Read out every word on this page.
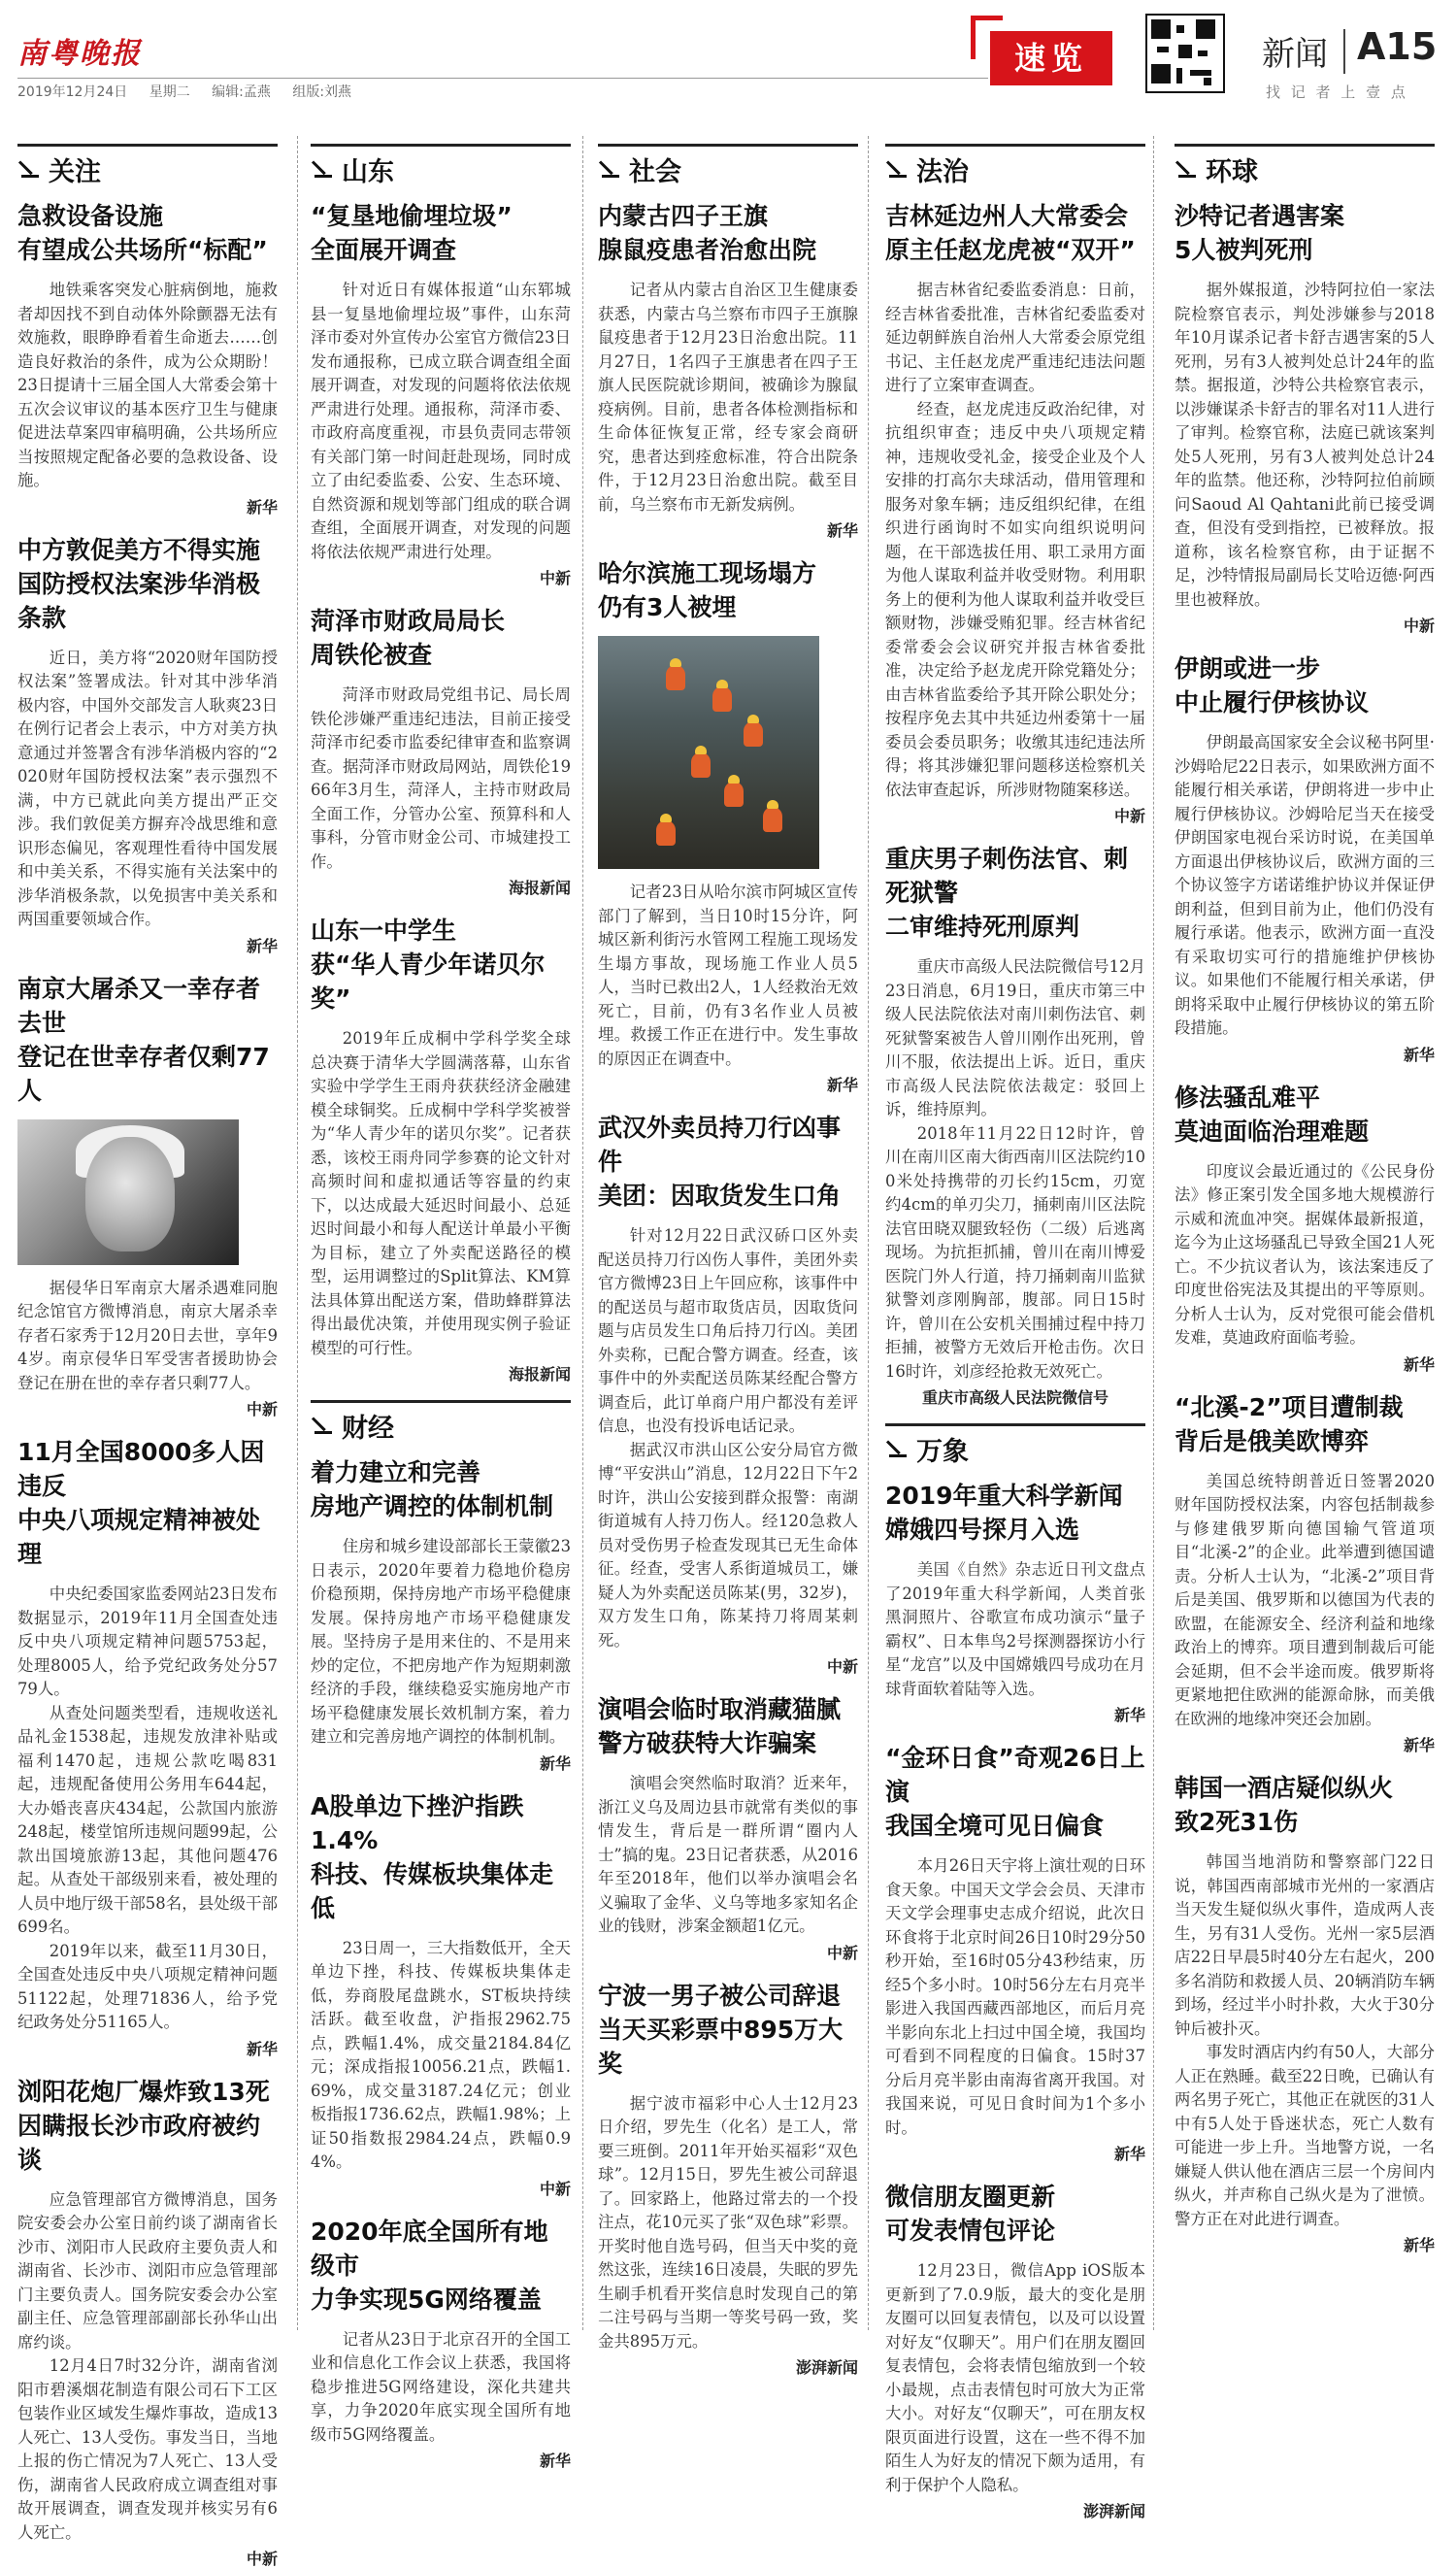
南粤晚报
2019年12月24日 星期二 编辑:孟燕 组版:刘燕
速览	新闻 A15
找 记 者 上 壹 点
关注
急救设备设施
有望成公共场所“标配”

地铁乘客突发心脏病倒地，施救者却因找不到自动体外除颤器无法有效施救，眼睁睁看着生命逝去……创造良好救治的条件，成为公众期盼！23日提请十三届全国人大常委会第十五次会议审议的基本医疗卫生与健康促进法草案四审稿明确，公共场所应当按照规定配备必要的急救设备、设施。

新华
中方敦促美方不得实施
国防授权法案涉华消极条款

近日，美方将“2020财年国防授权法案”签署成法。针对其中涉华消极内容，中国外交部发言人耿爽23日在例行记者会上表示，中方对美方执意通过并签署含有涉华消极内容的“2020财年国防授权法案”表示强烈不满，中方已就此向美方提出严正交涉。我们敦促美方摒弃冷战思维和意识形态偏见，客观理性看待中国发展和中美关系，不得实施有关法案中的涉华消极条款，以免损害中美关系和两国重要领域合作。

新华
南京大屠杀又一幸存者去世
登记在世幸存者仅剩77人

据侵华日军南京大屠杀遇难同胞纪念馆官方微博消息，南京大屠杀幸存者石家秀于12月20日去世，享年94岁。南京侵华日军受害者援助协会登记在册在世的幸存者只剩77人。

中新
11月全国8000多人因违反
中央八项规定精神被处理

中央纪委国家监委网站23日发布数据显示，2019年11月全国查处违反中央八项规定精神问题5753起，处理8005人，给予党纪政务处分5779人。

从查处问题类型看，违规收送礼品礼金1538起，违规发放津补贴或福利1470起，违规公款吃喝831起，违规配备使用公务用车644起，大办婚丧喜庆434起，公款国内旅游248起，楼堂馆所违规问题99起，公款出国境旅游13起，其他问题476起。从查处干部级别来看，被处理的人员中地厅级干部58名，县处级干部699名。

2019年以来，截至11月30日，全国查处违反中央八项规定精神问题51122起，处理71836人，给予党纪政务处分51165人。

新华
浏阳花炮厂爆炸致13死
因瞒报长沙市政府被约谈

应急管理部官方微博消息，国务院安委会办公室日前约谈了湖南省长沙市、浏阳市人民政府主要负责人和湖南省、长沙市、浏阳市应急管理部门主要负责人。国务院安委会办公室副主任、应急管理部副部长孙华山出席约谈。

12月4日7时32分许，湖南省浏阳市碧溪烟花制造有限公司石下工区包装作业区域发生爆炸事故，造成13人死亡、13人受伤。事发当日，当地上报的伤亡情况为7人死亡、13人受伤，湖南省人民政府成立调查组对事故开展调查，调查发现并核实另有6人死亡。

中新
山东
“复垦地偷埋垃圾”
全面展开调查

针对近日有媒体报道“山东郓城县一复垦地偷埋垃圾”事件，山东菏泽市委对外宣传办公室官方微信23日发布通报称，已成立联合调查组全面展开调查，对发现的问题将依法依规严肃进行处理。通报称，菏泽市委、市政府高度重视，市县负责同志带领有关部门第一时间赶赴现场，同时成立了由纪委监委、公安、生态环境、自然资源和规划等部门组成的联合调查组，全面展开调查，对发现的问题将依法依规严肃进行处理。

中新
菏泽市财政局局长
周铁伦被查

菏泽市财政局党组书记、局长周铁伦涉嫌严重违纪违法，目前正接受菏泽市纪委市监委纪律审查和监察调查。据菏泽市财政局网站，周铁伦1966年3月生，菏泽人，主持市财政局全面工作，分管办公室、预算科和人事科，分管市财金公司、市城建投工作。

海报新闻
山东一中学生
获“华人青少年诺贝尔奖”

2019年丘成桐中学科学奖全球总决赛于清华大学圆满落幕，山东省实验中学学生王雨舟获获经济金融建模全球铜奖。丘成桐中学科学奖被誉为“华人青少年的诺贝尔奖”。记者获悉，该校王雨舟同学参赛的论文针对高频时间和虚拟通话等容量的约束下，以达成最大延迟时间最小、总延迟时间最小和每人配送计单最小平衡为目标，建立了外卖配送路径的模型，运用调整过的Split算法、KM算法具体算出配送方案，借助蜂群算法得出最优决策，并使用现实例子验证模型的可行性。

海报新闻
财经
着力建立和完善
房地产调控的体制机制

住房和城乡建设部部长王蒙徽23日表示，2020年要着力稳地价稳房价稳预期，保持房地产市场平稳健康发展。保持房地产市场平稳健康发展。坚持房子是用来住的、不是用来炒的定位，不把房地产作为短期刺激经济的手段，继续稳妥实施房地产市场平稳健康发展长效机制方案，着力建立和完善房地产调控的体制机制。

新华
A股单边下挫沪指跌1.4%
科技、传媒板块集体走低

23日周一，三大指数低开，全天单边下挫，科技、传媒板块集体走低，券商股尾盘跳水，ST板块持续活跃。截至收盘，沪指报2962.75点，跌幅1.4%，成交量2184.84亿元；深成指报10056.21点，跌幅1.69%，成交量3187.24亿元；创业板指报1736.62点，跌幅1.98%；上证50指数报2984.24点，跌幅0.94%。

中新
2020年底全国所有地级市
力争实现5G网络覆盖

记者从23日于北京召开的全国工业和信息化工作会议上获悉，我国将稳步推进5G网络建设，深化共建共享，力争2020年底实现全国所有地级市5G网络覆盖。

新华
社会
内蒙古四子王旗
腺鼠疫患者治愈出院

记者从内蒙古自治区卫生健康委获悉，内蒙古乌兰察布市四子王旗腺鼠疫患者于12月23日治愈出院。11月27日，1名四子王旗患者在四子王旗人民医院就诊期间，被确诊为腺鼠疫病例。目前，患者各体检测指标和生命体征恢复正常，经专家会商研究，患者达到痊愈标准，符合出院条件，于12月23日治愈出院。截至目前，乌兰察布市无新发病例。

新华
哈尔滨施工现场塌方
仍有3人被埋

记者23日从哈尔滨市阿城区宣传部门了解到，当日10时15分许，阿城区新利街污水管网工程施工现场发生塌方事故，现场施工作业人员5人，当时已救出2人，1人经救治无效死亡，目前，仍有3名作业人员被埋。救援工作正在进行中。发生事故的原因正在调查中。

新华
武汉外卖员持刀行凶事件
美团：因取货发生口角

针对12月22日武汉硚口区外卖配送员持刀行凶伤人事件，美团外卖官方微博23日上午回应称，该事件中的配送员与超市取货店员，因取货问题与店员发生口角后持刀行凶。美团外卖称，已配合警方调查。经查，该事件中的外卖配送员陈某经配合警方调查后，此订单商户用户都没有差评信息，也没有投诉电话记录。

据武汉市洪山区公安分局官方微博“平安洪山”消息，12月22日下午2时许，洪山公安接到群众报警：南湖街道城有人持刀伤人。经120急救人员对受伤男子检查发现其已无生命体征。经查，受害人系街道城员工，嫌疑人为外卖配送员陈某(男，32岁)，双方发生口角，陈某持刀将周某刺死。

中新
演唱会临时取消藏猫腻
警方破获特大诈骗案

演唱会突然临时取消？近来年，浙江义乌及周边县市就常有类似的事情发生，背后是一群所谓“圈内人士”搞的鬼。23日记者获悉，从2016年至2018年，他们以举办演唱会名义骗取了金华、义乌等地多家知名企业的钱财，涉案金额超1亿元。

中新
宁波一男子被公司辞退
当天买彩票中895万大奖

据宁波市福彩中心人士12月23日介绍，罗先生（化名）是工人，常要三班倒。2011年开始买福彩“双色球”。12月15日，罗先生被公司辞退了。回家路上，他路过常去的一个投注点，花10元买了张“双色球”彩票。开奖时他自选号码，但当天中奖的竟然这张，连续16日凌晨，失眠的罗先生刷手机看开奖信息时发现自己的第二注号码与当期一等奖号码一致，奖金共895万元。

澎湃新闻
法治
吉林延边州人大常委会
原主任赵龙虎被“双开”

据吉林省纪委监委消息：日前，经吉林省委批准，吉林省纪委监委对延边朝鲜族自治州人大常委会原党组书记、主任赵龙虎严重违纪违法问题进行了立案审查调查。

经查，赵龙虎违反政治纪律，对抗组织审查；违反中央八项规定精神，违规收受礼金，接受企业及个人安排的打高尔夫球活动，借用管理和服务对象车辆；违反组织纪律，在组织进行函询时不如实向组织说明问题，在干部选拔任用、职工录用方面为他人谋取利益并收受财物。利用职务上的便利为他人谋取利益并收受巨额财物，涉嫌受贿犯罪。经吉林省纪委常委会会议研究并报吉林省委批准，决定给予赵龙虎开除党籍处分；由吉林省监委给予其开除公职处分；按程序免去其中共延边州委第十一届委员会委员职务；收缴其违纪违法所得；将其涉嫌犯罪问题移送检察机关依法审查起诉，所涉财物随案移送。

中新
重庆男子刺伤法官、刺死狱警
二审维持死刑原判

重庆市高级人民法院微信号12月23日消息，6月19日，重庆市第三中级人民法院依法对南川刺伤法官、刺死狱警案被告人曾川刚作出死刑，曾川不服，依法提出上诉。近日，重庆市高级人民法院依法裁定：驳回上诉，维持原判。

2018年11月22日12时许，曾川在南川区南大街西南川区法院约100米处持携带的刃长约15cm，刃宽约4cm的单刃尖刀，捅刺南川区法院法官田晓双腿致轻伤（二级）后逃离现场。为抗拒抓捕，曾川在南川博爱医院门外人行道，持刀捅刺南川监狱狱警刘彦刚胸部，腹部。同日15时许，曾川在公安机关围捕过程中持刀拒捕，被警方无效后开枪击伤。次日16时许，刘彦经抢救无效死亡。

重庆市高级人民法院微信号
万象
2019年重大科学新闻
嫦娥四号探月入选

美国《自然》杂志近日刊文盘点了2019年重大科学新闻，人类首张黑洞照片、谷歌宣布成功演示“量子霸权”、日本隼鸟2号探测器探访小行星“龙宫”以及中国嫦娥四号成功在月球背面软着陆等入选。

新华
“金环日食”奇观26日上演
我国全境可见日偏食

本月26日天宇将上演壮观的日环食天象。中国天文学会会员、天津市天文学会理事史志成介绍说，此次日环食将于北京时间26日10时29分50秒开始，至16时05分43秒结束，历经5个多小时。10时56分左右月亮半影进入我国西藏西部地区，而后月亮半影向东北上扫过中国全境，我国均可看到不同程度的日偏食。15时37分后月亮半影由南海省离开我国。对我国来说，可见日食时间为1个多小时。

新华
微信朋友圈更新
可发表情包评论

12月23日，微信App iOS版本更新到了7.0.9版，最大的变化是朋友圈可以回复表情包，以及可以设置对好友“仅聊天”。用户们在朋友圈回复表情包，会将表情包缩放到一个较小最规，点击表情包时可放大为正常大小。对好友“仅聊天”，可在朋友权限页面进行设置，这在一些不得不加陌生人为好友的情况下颇为适用，有利于保护个人隐私。

澎湃新闻
环球
沙特记者遇害案
5人被判死刑

据外媒报道，沙特阿拉伯一家法院检察官表示，判处涉嫌参与2018年10月谋杀记者卡舒吉遇害案的5人死刑，另有3人被判处总计24年的监禁。据报道，沙特公共检察官表示，以涉嫌谋杀卡舒吉的罪名对11人进行了审判。检察官称，法庭已就该案判处5人死刑，另有3人被判处总计24年的监禁。他还称，沙特阿拉伯前顾问Saoud Al Qahtani此前已接受调查，但没有受到指控，已被释放。报道称，该名检察官称，由于证据不足，沙特情报局副局长艾哈迈德·阿西里也被释放。

中新
伊朗或进一步
中止履行伊核协议

伊朗最高国家安全会议秘书阿里·沙姆哈尼22日表示，如果欧洲方面不能履行相关承诺，伊朗将进一步中止履行伊核协议。沙姆哈尼当天在接受伊朗国家电视台采访时说，在美国单方面退出伊核协议后，欧洲方面的三个协议签字方诺诺维护协议并保证伊朗利益，但到目前为止，他们仍没有履行承诺。他表示，欧洲方面一直没有采取切实可行的措施维护伊核协议。如果他们不能履行相关承诺，伊朗将采取中止履行伊核协议的第五阶段措施。

新华
修法骚乱难平
莫迪面临治理难题

印度议会最近通过的《公民身份法》修正案引发全国多地大规模游行示威和流血冲突。据媒体最新报道，迄今为止这场骚乱已导致全国21人死亡。不少抗议者认为，该法案违反了印度世俗宪法及其提出的平等原则。分析人士认为，反对党很可能会借机发难，莫迪政府面临考验。

新华
“北溪-2”项目遭制裁
背后是俄美欧博弈

美国总统特朗普近日签署2020财年国防授权法案，内容包括制裁参与修建俄罗斯向德国输气管道项目“北溪-2”的企业。此举遭到德国谴责。分析人士认为，“北溪-2”项目背后是美国、俄罗斯和以德国为代表的欧盟，在能源安全、经济利益和地缘政治上的博弈。项目遭到制裁后可能会延期，但不会半途而废。俄罗斯将更紧地把住欧洲的能源命脉，而美俄在欧洲的地缘冲突还会加剧。

新华
韩国一酒店疑似纵火
致2死31伤

韩国当地消防和警察部门22日说，韩国西南部城市光州的一家酒店当天发生疑似纵火事件，造成两人丧生，另有31人受伤。光州一家5层酒店22日早晨5时40分左右起火，200多名消防和救援人员、20辆消防车辆到场，经过半小时扑救，大火于30分钟后被扑灭。

事发时酒店内约有50人，大部分人正在熟睡。截至22日晚，已确认有两名男子死亡，其他正在就医的31人中有5人处于昏迷状态，死亡人数有可能进一步上升。当地警方说，一名嫌疑人供认他在酒店三层一个房间内纵火，并声称自己纵火是为了泄愤。警方正在对此进行调查。

新华
